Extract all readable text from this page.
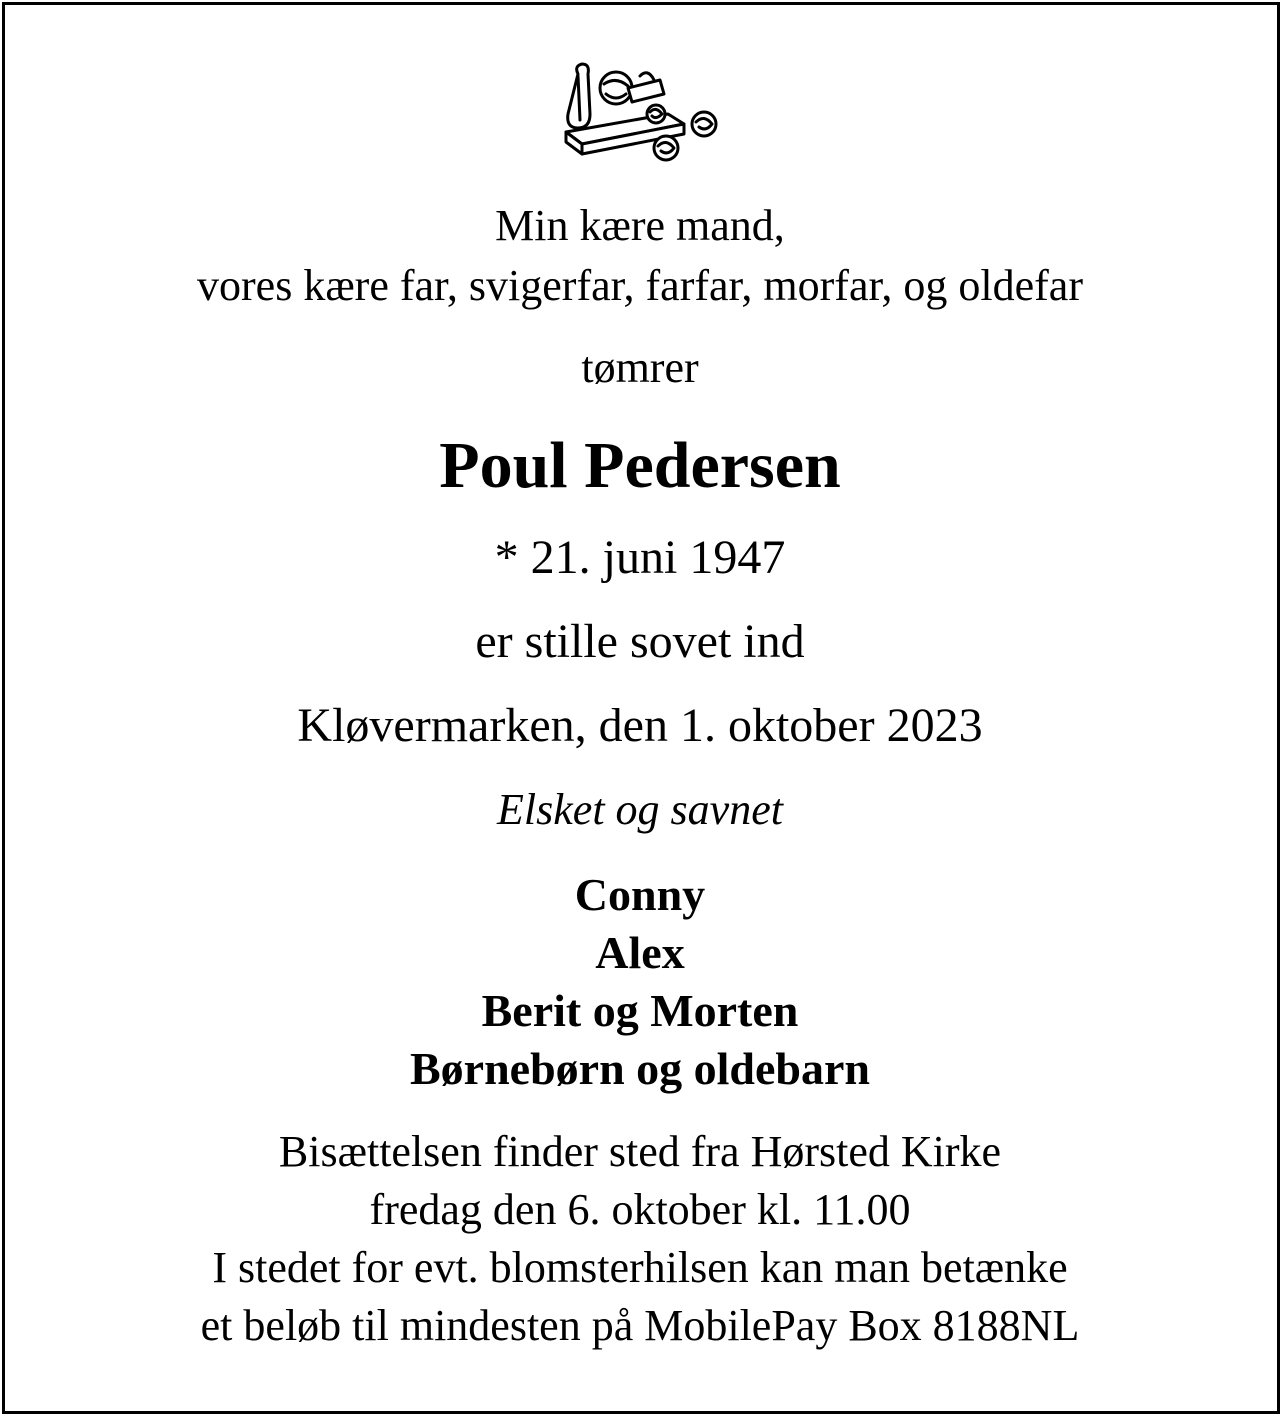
Min kære mand,
vores kære far, svigerfar, farfar, morfar, og oldefar
tømrer
Poul Pedersen
* 21. juni 1947
er stille sovet ind
Kløvermarken, den 1. oktober 2023
Elsket og savnet
Conny
Alex
Berit og Morten
Børnebørn og oldebarn
Bisættelsen finder sted fra Hørsted Kirke
fredag den 6. oktober kl. 11.00
I stedet for evt. blomsterhilsen kan man betænke
et beløb til mindesten på MobilePay Box 8188NL
